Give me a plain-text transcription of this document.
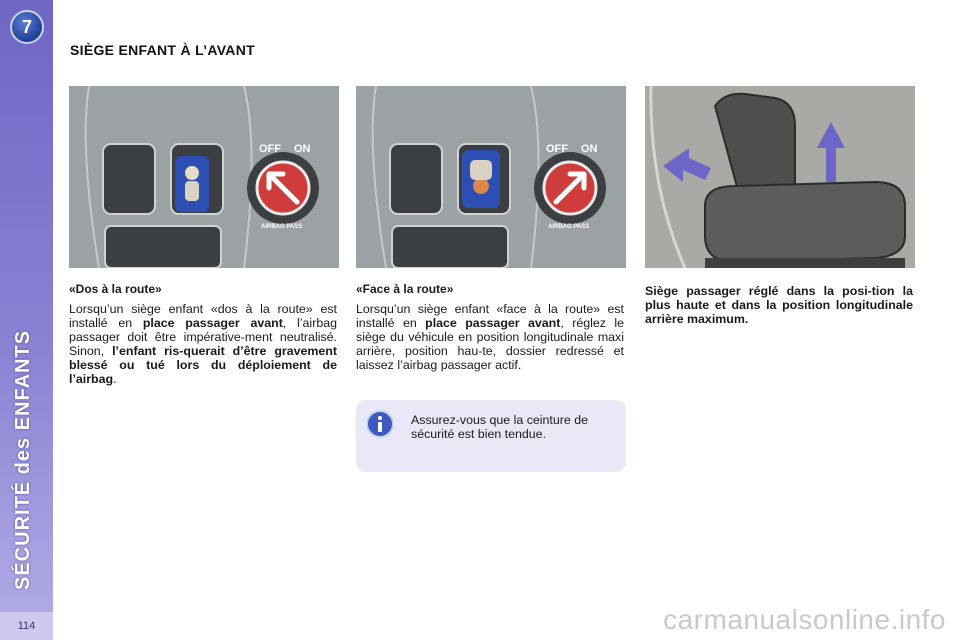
7
SÉCURITÉ des ENFANTS
114
SIÈGE ENFANT À L’AVANT
OFF ON
AIRBAG PASS
OFF ON
AIRBAG PASS
«Dos à la route»

Lorsqu’un siège enfant «dos à la route» est installé en place passager avant, l’airbag passager doit être impérative-ment neutralisé. Sinon, l’enfant ris-querait d’être gravement blessé ou tué lors du déploiement de l’airbag.

«Face à la route»

Lorsqu’un siège enfant «face à la route» est installé en place passager avant, réglez le siège du véhicule en position longitudinale maxi arrière, position hau-te, dossier redressé et laissez l’airbag passager actif.

Siège passager réglé dans la posi-tion la plus haute et dans la position longitudinale arrière maximum.

Assurez-vous que la ceinture de sécurité est bien tendue.
carmanualsonline.info
